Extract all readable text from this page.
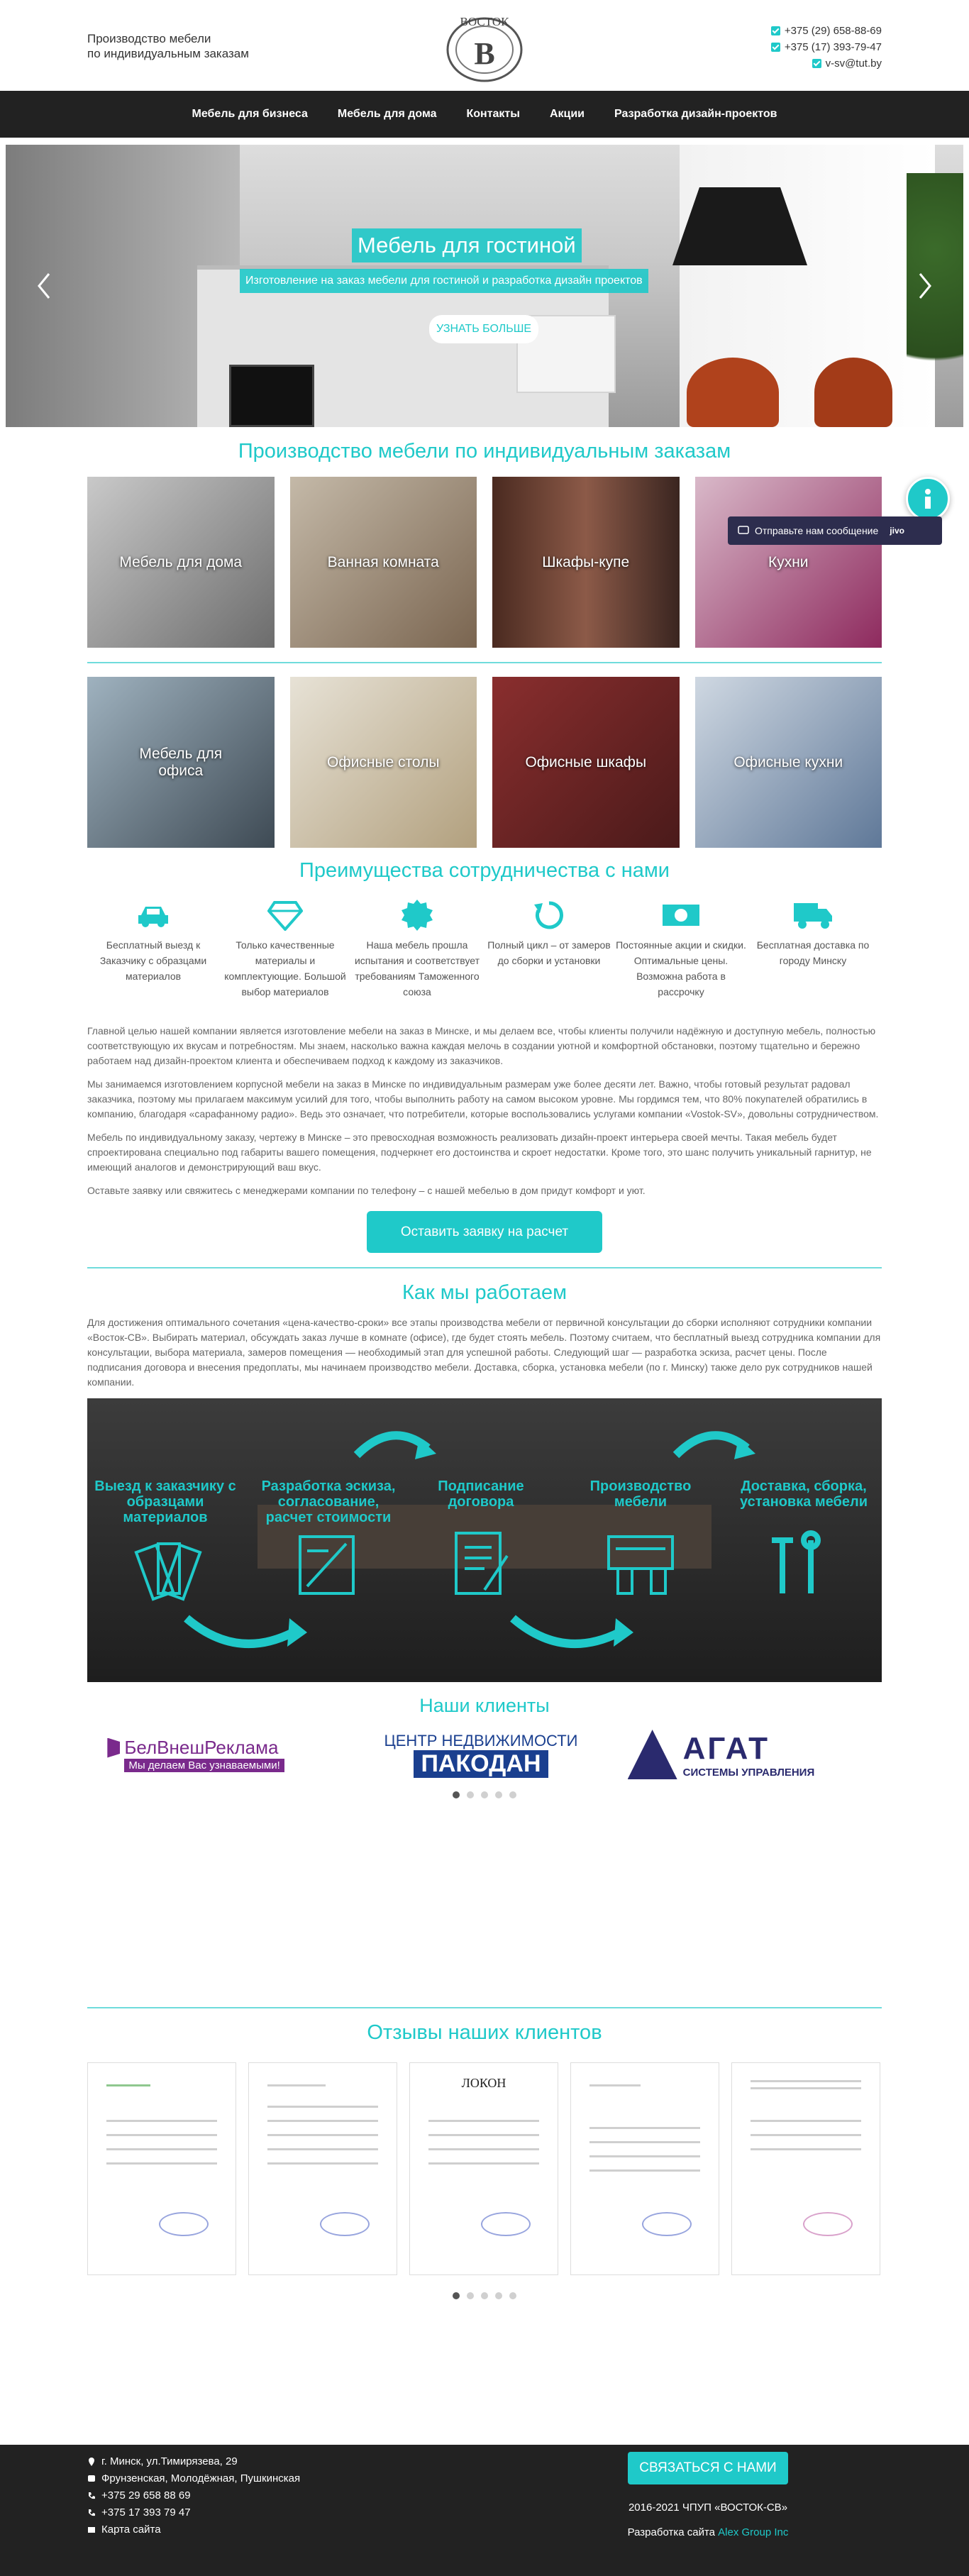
Производство мебели
по индивидуальным заказам
ВОСТОК
В
+375 (29) 658-88-69
+375 (17) 393-79-47
v-sv@tut.by
Мебель для бизнеса	Мебель для дома	Контакты	Акции	Разработка дизайн-проектов
Мебель для гостиной
Изготовление на заказ мебели для гостиной и разработка дизайн проектов
УЗНАТЬ БОЛЬШЕ
Производство мебели по индивидуальным заказам
Мебель для дома	Ванная комната	Шкафы-купе	Кухни
Мебель для офиса
Офисные столы	Офисные шкафы	Офисные кухни
Преимущества сотрудничества с нами
Бесплатный выезд к Заказчику с образцами материалов
Только качественные материалы и комплектующие. Большой выбор материалов
Наша мебель прошла испытания и соответствует требованиям Таможенного союза
Полный цикл – от замеров до сборки и установки
Постоянные акции и скидки. Оптимальные цены. Возможна работа в рассрочку
Бесплатная доставка по городу Минску

Главной целью нашей компании является изготовление мебели на заказ в Минске, и мы делаем все, чтобы клиенты получили надёжную и доступную мебель, полностью соответствующую их вкусам и потребностям. Мы знаем, насколько важна каждая мелочь в создании уютной и комфортной обстановки, поэтому тщательно и бережно работаем над дизайн-проектом клиента и обеспечиваем подход к каждому из заказчиков.

Мы занимаемся изготовлением корпусной мебели на заказ в Минске по индивидуальным размерам уже более десяти лет. Важно, чтобы готовый результат радовал заказчика, поэтому мы прилагаем максимум усилий для того, чтобы выполнить работу на самом высоком уровне. Мы гордимся тем, что 80% покупателей обратились в компанию, благодаря «сарафанному радио». Ведь это означает, что потребители, которые воспользовались услугами компании «Vostok-SV», довольны сотрудничеством.

Мебель по индивидуальному заказу, чертежу в Минске – это превосходная возможность реализовать дизайн-проект интерьера своей мечты. Такая мебель будет спроектирована специально под габариты вашего помещения, подчеркнет его достоинства и скроет недостатки. Кроме того, это шанс получить уникальный гарнитур, не имеющий аналогов и демонстрирующий ваш вкус.

Оставьте заявку или свяжитесь с менеджерами компании по телефону – с нашей мебелью в дом придут комфорт и уют.

Оставить заявку на расчет
Как мы работаем

Для достижения оптимального сочетания «цена-качество-сроки» все этапы производства мебели от первичной консультации до сборки исполняют сотрудники компании «Восток-СВ». Выбирать материал, обсуждать заказ лучше в комнате (офисе), где будет стоять мебель. Поэтому считаем, что бесплатный выезд сотрудника компании для консультации, выбора материала, замеров помещения — необходимый этап для успешной работы. Следующий шаг — разработка эскиза, расчет цены. После подписания договора и внесения предоплаты, мы начинаем производство мебели. Доставка, сборка, установка мебели (по г. Минску) также дело рук сотрудников нашей компании.

Выезд к заказчику с образцами материалов
Разработка эскиза, согласование, расчет стоимости
Подписание договора
Производство мебели
Доставка, сборка, установка мебели
Наши клиенты
БелВнешРеклама
Мы делаем Вас узнаваемыми!
ЦЕНТР НЕДВИЖИМОСТИ
ПАКОДАН	АГАТ
СИСТЕМЫ УПРАВЛЕНИЯ
Отзывы наших клиентов
ЛОКОН
г. Минск, ул.Тимирязева, 29
Фрунзенская, Молодёжная, Пушкинская
+375 29 658 88 69
+375 17 393 79 47
Карта сайта
СВЯЗАТЬСЯ С НАМИ
2016-2021 ЧПУП «ВОСТОК-СВ»
Разработка сайта Alex Group Inc
Отправьте нам сообщение jivo
